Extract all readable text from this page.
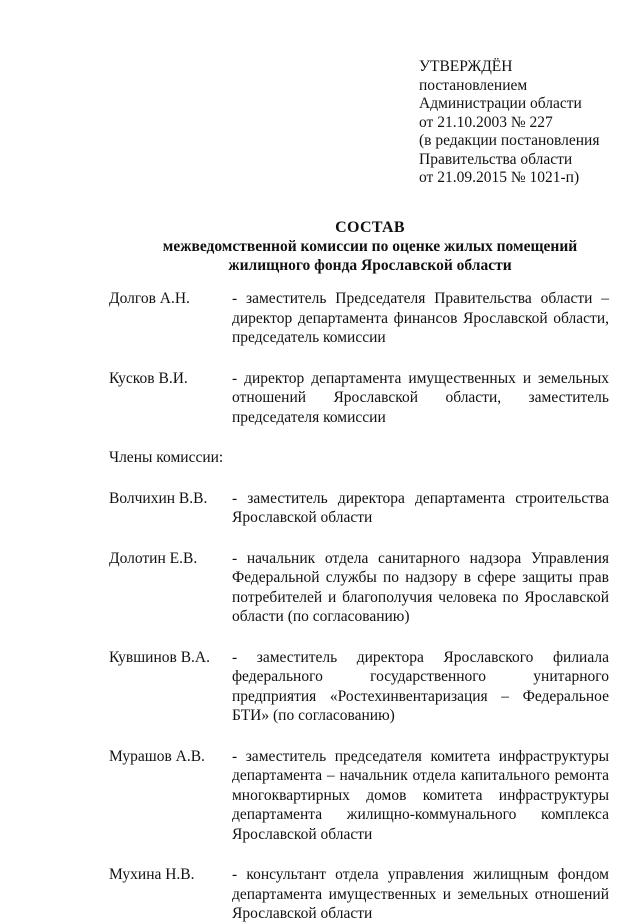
УТВЕРЖДЁН
постановлением
Администрации области
от 21.10.2003 № 227
(в редакции постановления
Правительства области
от 21.09.2015 № 1021-п)
СОСТАВ
межведомственной комиссии по оценке жилых помещений
жилищного фонда Ярославской области
Долгов А.Н.	- заместитель Председателя Правительства области – директор департамента финансов Ярославской области, председатель комиссии
Кусков В.И.	- директор департамента имущественных и земельных отношений Ярославской области, заместитель председателя комиссии
Члены комиссии:
Волчихин В.В.	- заместитель директора департамента строительства Ярославской области
Долотин Е.В.	- начальник отдела санитарного надзора Управления Федеральной службы по надзору в сфере защиты прав потребителей и благополучия человека по Ярославской области (по согласованию)
Кувшинов В.А.	- заместитель директора Ярославского филиала федерального государственного унитарного предприятия «Ростехинвентаризация – Федеральное БТИ» (по согласованию)
Мурашов А.В.	- заместитель председателя комитета инфраструктуры департамента – начальник отдела капитального ремонта многоквартирных домов комитета инфраструктуры департамента жилищно-коммунального комплекса Ярославской области
Мухина Н.В.	- консультант отдела управления жилищным фондом департамента имущественных и земельных отношений Ярославской области
